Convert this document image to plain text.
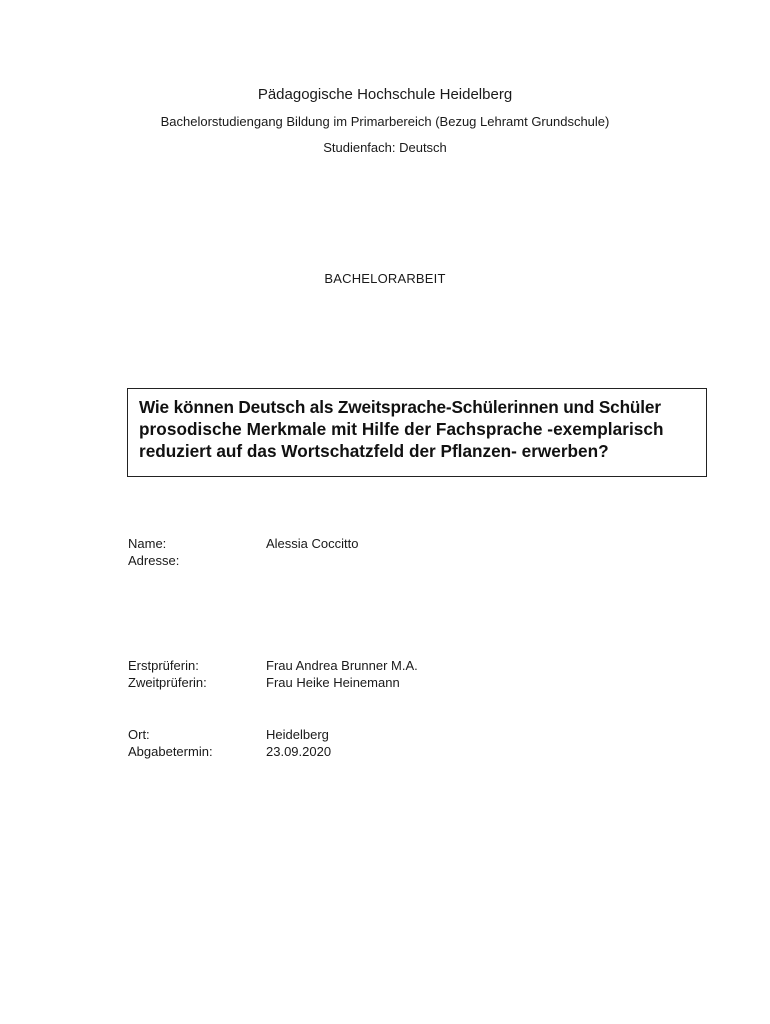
Pädagogische Hochschule Heidelberg
Bachelorstudiengang Bildung im Primarbereich (Bezug Lehramt Grundschule)
Studienfach: Deutsch
BACHELORARBEIT
Wie können Deutsch als Zweitsprache-Schülerinnen und Schüler
prosodische Merkmale mit Hilfe der Fachsprache -exemplarisch
reduziert auf das Wortschatzfeld der Pflanzen- erwerben?
Name:	Alessia Coccitto
Adresse:
Erstprüferin:	Frau Andrea Brunner M.A.
Zweitprüferin:	Frau Heike Heinemann
Ort:	Heidelberg
Abgabetermin:	23.09.2020
